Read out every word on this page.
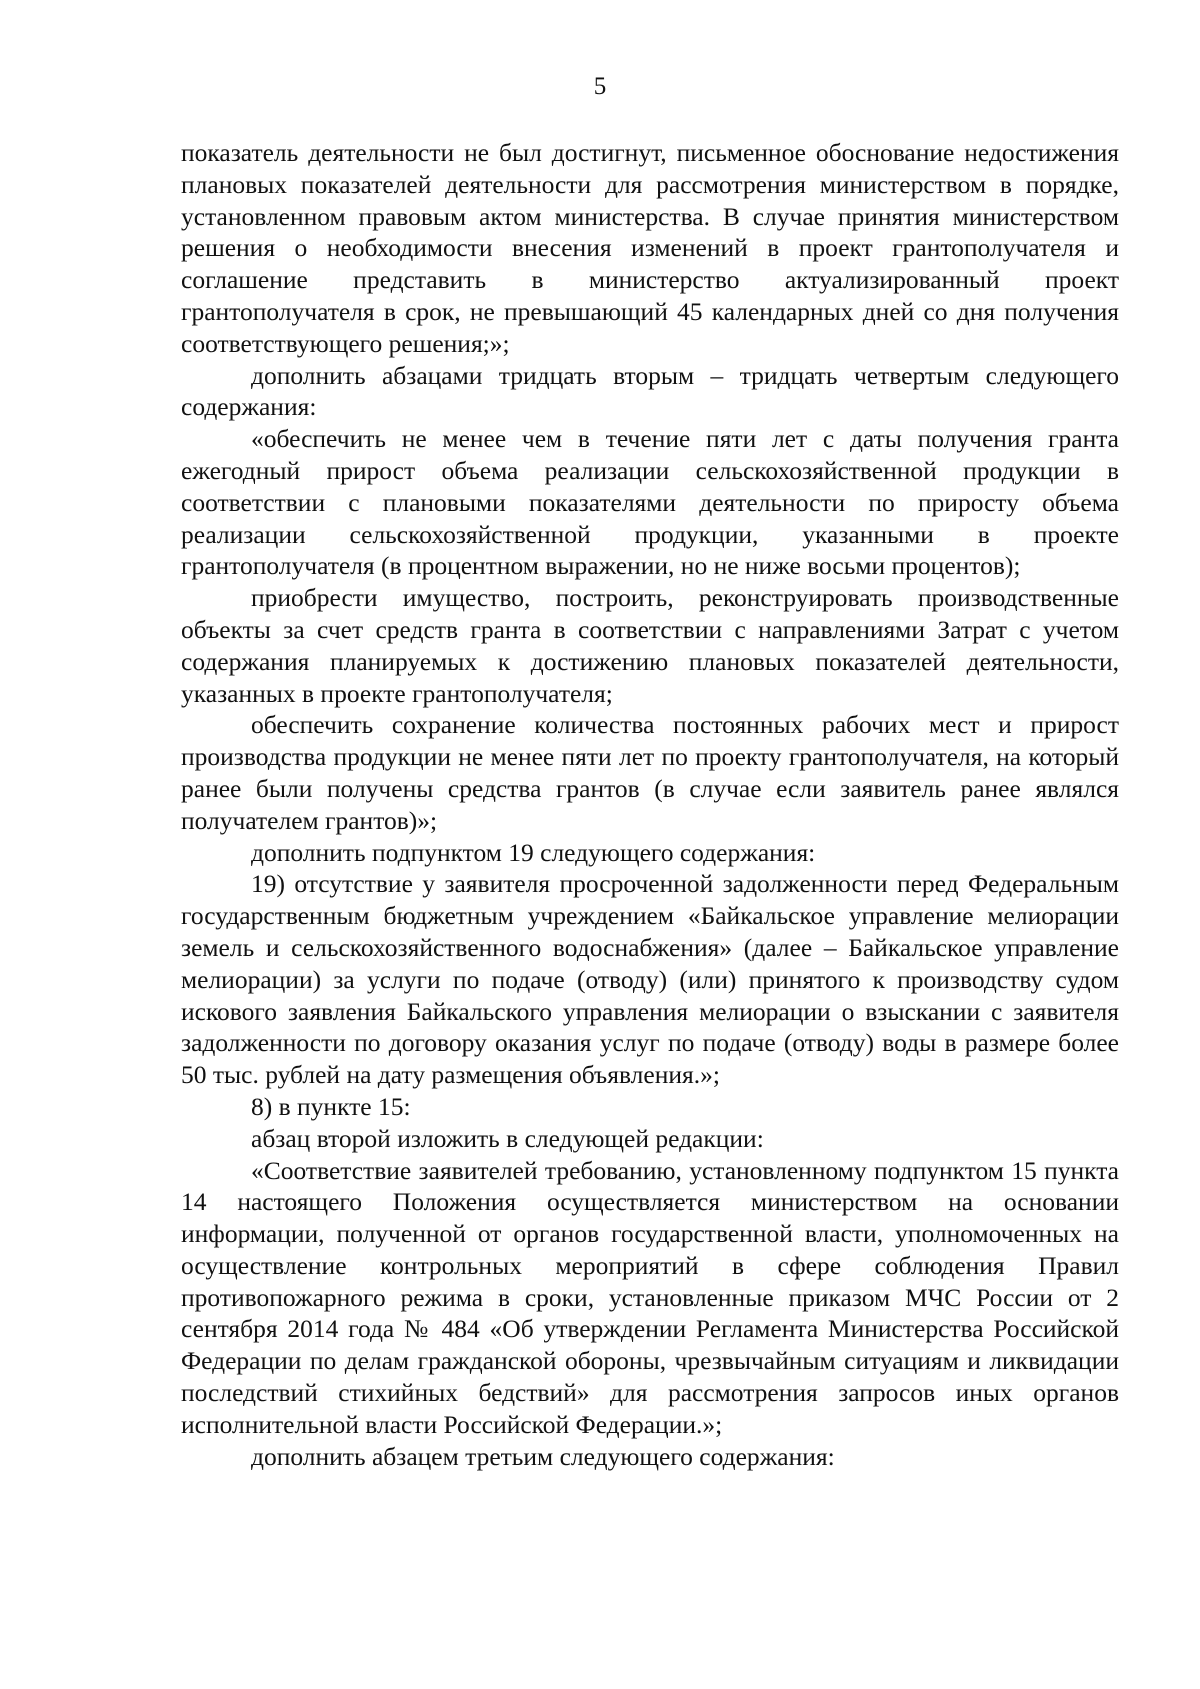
5

показатель деятельности не был достигнут, письменное обоснование недостижения плановых показателей деятельности для рассмотрения министерством в порядке, установленном правовым актом министерства. В случае принятия министерством решения о необходимости внесения изменений в проект грантополучателя и соглашение представить в министерство актуализированный проект грантополучателя в срок, не превышающий 45 календарных дней со дня получения соответствующего решения;»;

дополнить абзацами тридцать вторым – тридцать четвертым следующего содержания:

«обеспечить не менее чем в течение пяти лет с даты получения гранта ежегодный прирост объема реализации сельскохозяйственной продукции в соответствии с плановыми показателями деятельности по приросту объема реализации сельскохозяйственной продукции, указанными в проекте грантополучателя (в процентном выражении, но не ниже восьми процентов);

приобрести имущество, построить, реконструировать производственные объекты за счет средств гранта в соответствии с направлениями Затрат с учетом содержания планируемых к достижению плановых показателей деятельности, указанных в проекте грантополучателя;

обеспечить сохранение количества постоянных рабочих мест и прирост производства продукции не менее пяти лет по проекту грантополучателя, на который ранее были получены средства грантов (в случае если заявитель ранее являлся получателем грантов)»;

дополнить подпунктом 19 следующего содержания:

19) отсутствие у заявителя просроченной задолженности перед Федеральным государственным бюджетным учреждением «Байкальское управление мелиорации земель и сельскохозяйственного водоснабжения» (далее – Байкальское управление мелиорации) за услуги по подаче (отводу) (или) принятого к производству судом искового заявления Байкальского управления мелиорации о взыскании с заявителя задолженности по договору оказания услуг по подаче (отводу) воды в размере более 50 тыс. рублей на дату размещения объявления.»;

8) в пункте 15:

абзац второй изложить в следующей редакции:

«Соответствие заявителей требованию, установленному подпунктом 15 пункта 14 настоящего Положения осуществляется министерством на основании информации, полученной от органов государственной власти, уполномоченных на осуществление контрольных мероприятий в сфере соблюдения Правил противопожарного режима в сроки, установленные приказом МЧС России от 2 сентября 2014 года № 484 «Об утверждении Регламента Министерства Российской Федерации по делам гражданской обороны, чрезвычайным ситуациям и ликвидации последствий стихийных бедствий» для рассмотрения запросов иных органов исполнительной власти Российской Федерации.»;

дополнить абзацем третьим следующего содержания:
